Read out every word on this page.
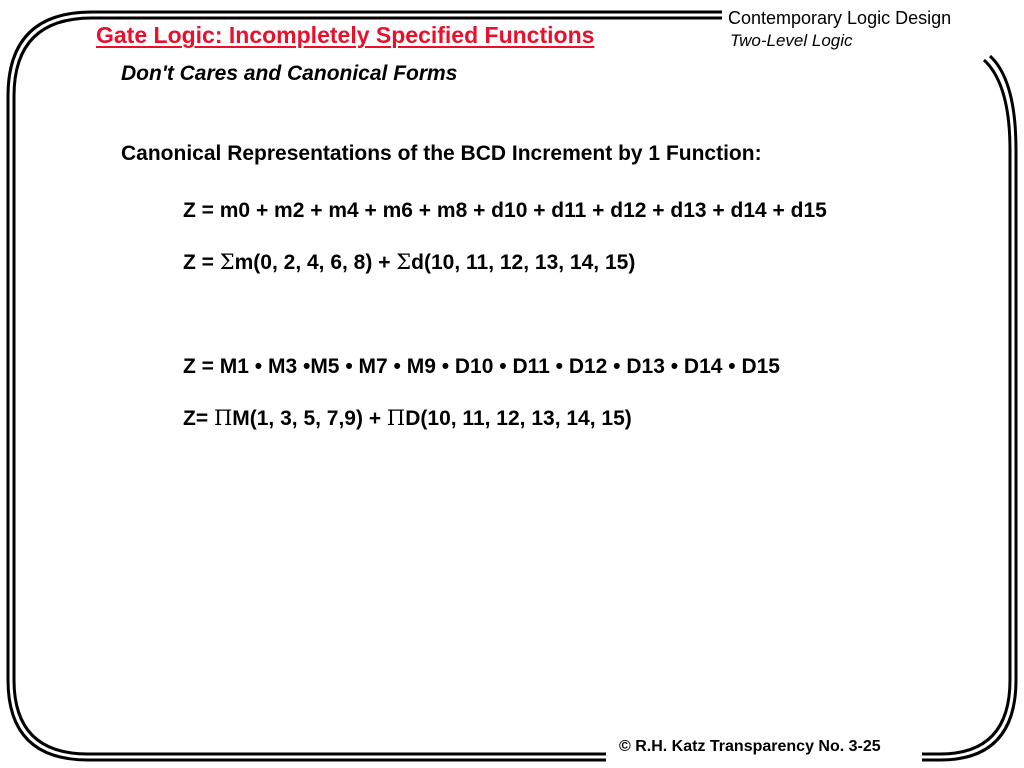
Gate Logic: Incompletely Specified Functions
Contemporary Logic Design
Two-Level Logic
Don't Cares and Canonical Forms
Canonical Representations of the BCD Increment by 1 Function:
Z = m0 + m2 + m4 + m6 + m8 + d10 + d11 + d12 + d13 + d14 + d15
Z = Σm(0, 2, 4, 6, 8) + Σd(10, 11, 12, 13, 14, 15)
Z = M1 • M3 •M5 • M7 • M9 • D10 • D11 • D12 • D13 • D14 • D15
Z= ΠM(1, 3, 5, 7,9) + ΠD(10, 11, 12, 13, 14, 15)
© R.H. Katz Transparency No. 3-25
